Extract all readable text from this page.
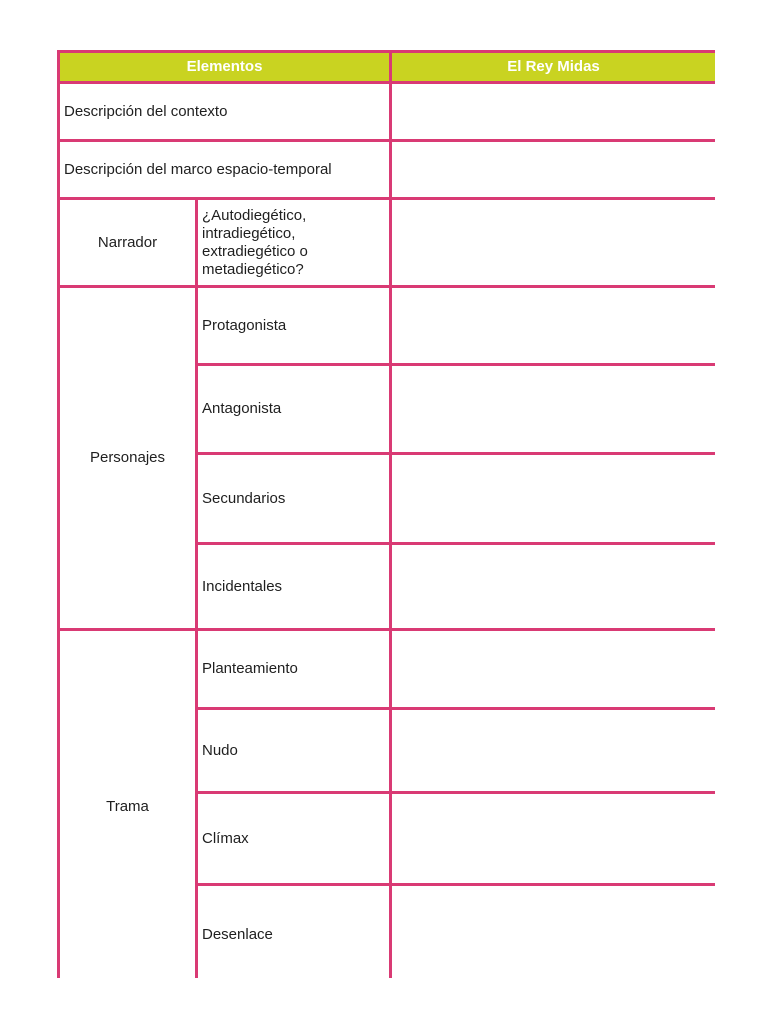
Elementos		El Rey Midas
Descripción del contexto		
Descripción del marco espacio-temporal		
Narrador	¿Autodiegético, intradiegético, extradiegético o metadiegético?	
Personajes	Protagonista	
	Antagonista	
	Secundarios	
	Incidentales	
Trama	Planteamiento	
	Nudo	
	Clímax	
	Desenlace	
